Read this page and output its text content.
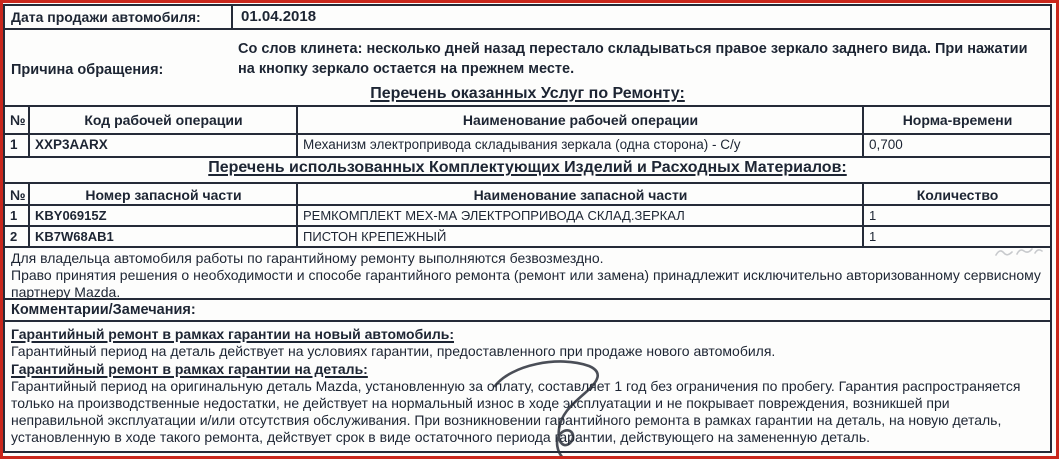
Дата продажи автомобиля:	01.04.2018
Причина обращения:
Со слов клинета: несколько дней назад перестало складываться правое зеркало заднего вида. При нажатии на кнопку зеркало остается на прежнем месте.
Перечень оказанных Услуг по Ремонту:
№	Код рабочей операции	Наименование рабочей операции	Норма-времени
1	XXP3AARX	Механизм электропривода складывания зеркала (одна сторона) - С/у	0,700
Перечень использованных Комплектующих Изделий и Расходных Материалов:
№	Номер запасной части	Наименование запасной части	Количество
1	KBY06915Z	РЕМКОМПЛЕКТ МЕХ-МА ЭЛЕКТРОПРИВОДА СКЛАД.ЗЕРКАЛ	1
2	KB7W68AB1	ПИСТОН КРЕПЕЖНЫЙ	1
Для владельца автомобиля работы по гарантийному ремонту выполняются безвозмездно.
Право принятия решения о необходимости и способе гарантийного ремонта (ремонт или замена) принадлежит исключительно авторизованному сервисному партнеру Mazda.
Комментарии/Замечания:
Гарантийный ремонт в рамках гарантии на новый автомобиль:
Гарантийный период на деталь действует на условиях гарантии, предоставленного при продаже нового автомобиля.
Гарантийный ремонт в рамках гарантии на деталь:
Гарантийный период на оригинальную деталь Mazda, установленную за оплату, составляет 1 год без ограничения по пробегу. Гарантия распространяется только на производственные недостатки, не действует на нормальный износ в ходе эксплуатации и не покрывает повреждения, возникшей при неправильной эксплуатации и/или отсутствия обслуживания. При возникновении гарантийного ремонта в рамках гарантии на деталь, на новую деталь, установленную в ходе такого ремонта, действует срок в виде остаточного периода гарантии, действующего на замененную деталь.
